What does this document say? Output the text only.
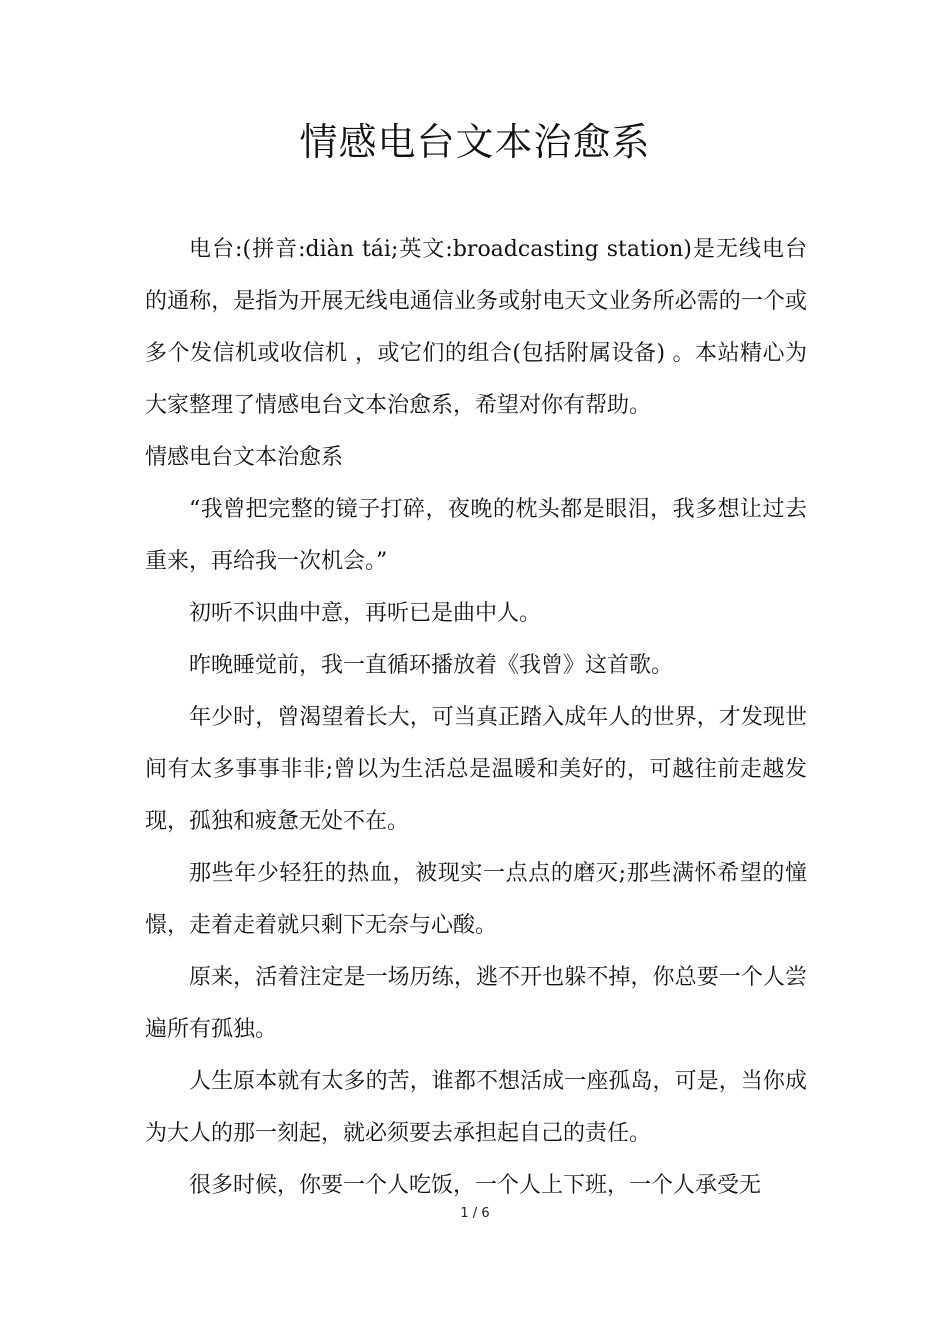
情感电台文本治愈系

电台:(拼音:diàn tái;英文:broadcasting station)是无线电台的通称，是指为开展无线电通信业务或射电天文业务所必需的一个或多个发信机或收信机 ，或它们的组合(包括附属设备) 。本站精心为大家整理了情感电台文本治愈系，希望对你有帮助。

情感电台文本治愈系

“我曾把完整的镜子打碎，夜晚的枕头都是眼泪，我多想让过去重来，再给我一次机会。”

初听不识曲中意，再听已是曲中人。

昨晚睡觉前，我一直循环播放着《我曾》这首歌。

年少时，曾渴望着长大，可当真正踏入成年人的世界，才发现世间有太多事事非非;曾以为生活总是温暖和美好的，可越往前走越发现，孤独和疲惫无处不在。

那些年少轻狂的热血，被现实一点点的磨灭;那些满怀希望的憧憬，走着走着就只剩下无奈与心酸。

原来，活着注定是一场历练，逃不开也躲不掉，你总要一个人尝遍所有孤独。

人生原本就有太多的苦，谁都不想活成一座孤岛，可是，当你成为大人的那一刻起，就必须要去承担起自己的责任。

很多时候，你要一个人吃饭，一个人上下班，一个人承受无

1 / 6
